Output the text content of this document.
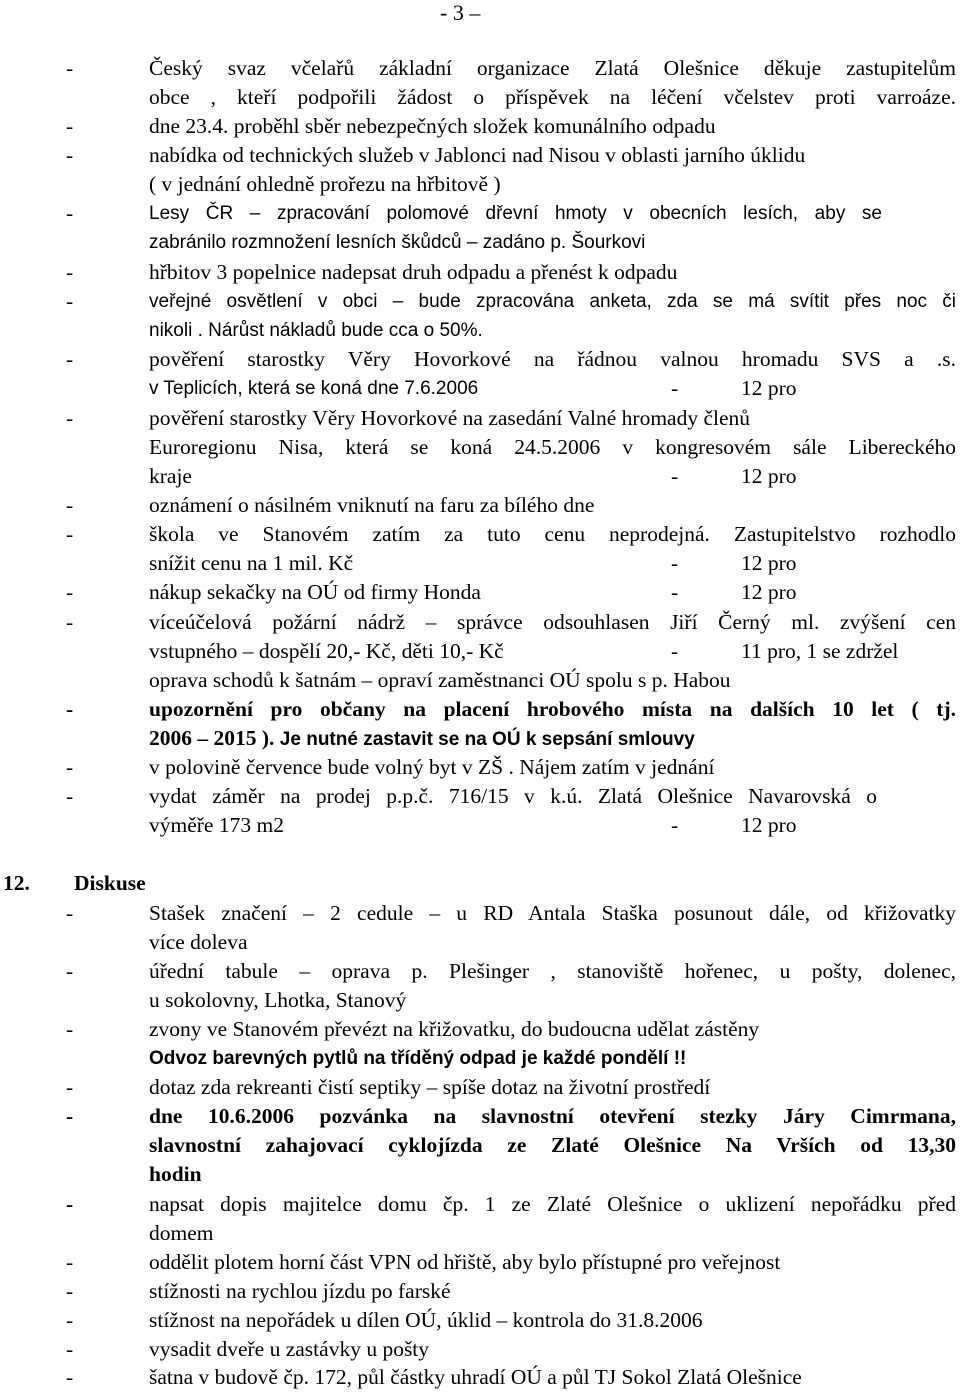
- 3 –
-	Český svaz včelařů základní organizace Zlatá Olešnice děkuje zastupitelům
obce , kteří podpořili žádost o příspěvek na léčení včelstev proti varroáze.
-	dne 23.4. proběhl sběr nebezpečných složek komunálního odpadu
-	nabídka od technických služeb v Jablonci nad Nisou v oblasti jarního úklidu
( v jednání ohledně prořezu na hřbitově )
-	Lesy ČR – zpracování polomové dřevní hmoty v obecních lesích, aby se
zabránilo rozmnožení lesních škůdců – zadáno p. Šourkovi
-	hřbitov 3 popelnice nadepsat druh odpadu a přenést k odpadu
-	veřejné osvětlení v obci – bude zpracována anketa, zda se má svítit přes noc či
nikoli . Nárůst nákladů bude cca o 50%.
-	pověření starostky Věry Hovorkové na řádnou valnou hromadu SVS a .s.
v Teplicích, která se koná dne 7.6.2006	-	12 pro
-	pověření starostky Věry Hovorkové na zasedání Valné hromady členů
Euroregionu Nisa, která se koná 24.5.2006 v kongresovém sále Libereckého
kraje	-	12 pro
-	oznámení o násilném vniknutí na faru za bílého dne
-	škola ve Stanovém zatím za tuto cenu neprodejná. Zastupitelstvo rozhodlo
snížit cenu na 1 mil. Kč	-	12 pro
-	nákup sekačky na OÚ od firmy Honda	-	12 pro
-	víceúčelová požární nádrž – správce odsouhlasen Jiří Černý ml. zvýšení cen
vstupného – dospělí 20,- Kč, děti 10,- Kč	-	11 pro, 1 se zdržel
oprava schodů k šatnám – opraví zaměstnanci OÚ spolu s p. Habou
-	upozornění pro občany na placení hrobového místa na dalších 10 let ( tj.
2006 – 2015 ). Je nutné zastavit se na OÚ k sepsání smlouvy
-	v polovině července bude volný byt v ZŠ . Nájem zatím v jednání
-	vydat záměr na prodej p.p.č. 716/15 v k.ú. Zlatá Olešnice Navarovská o
výměře 173 m2	-	12 pro
12. Diskuse
-	Stašek značení – 2 cedule – u RD Antala Staška posunout dále, od křižovatky
více doleva
-	úřední tabule – oprava p. Plešinger , stanoviště hořenec, u pošty, dolenec,
u sokolovny, Lhotka, Stanový
-	zvony ve Stanovém převézt na křižovatku, do budoucna udělat zástěny
Odvoz barevných pytlů na tříděný odpad je každé pondělí !!
-	dotaz zda rekreanti čistí septiky – spíše dotaz na životní prostředí
-	dne 10.6.2006 pozvánka na slavnostní otevření stezky Járy Cimrmana,
slavnostní zahajovací cyklojízda ze Zlaté Olešnice Na Vrších od 13,30
hodin
-	napsat dopis majitelce domu čp. 1 ze Zlaté Olešnice o uklizení nepořádku před
domem
-	oddělit plotem horní část VPN od hřiště, aby bylo přístupné pro veřejnost
-	stížnosti na rychlou jízdu po farské
-	stížnost na nepořádek u dílen OÚ, úklid – kontrola do 31.8.2006
-	vysadit dveře u zastávky u pošty
-	šatna v budově čp. 172, půl částky uhradí OÚ a půl TJ Sokol Zlatá Olešnice
